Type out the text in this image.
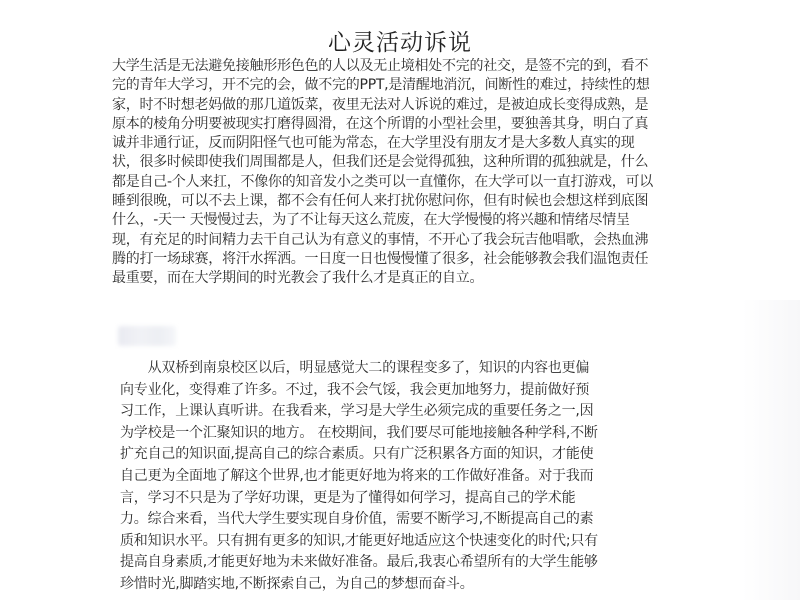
心灵活动诉说
大学生活是无法避免接触形形色色的人以及无止境相处不完的社交，是签不完的到，看不
完的青年大学习，开不完的会，做不完的PPT,是清醒地消沉，间断性的难过，持续性的想
家，时不时想老妈做的那几道饭菜，夜里无法对人诉说的难过，是被迫成长变得成熟，是
原本的棱角分明要被现实打磨得圆滑，在这个所谓的小型社会里，要独善其身，明白了真
诚并非通行证，反而阴阳怪气也可能为常态，在大学里没有朋友才是大多数人真实的现
状，很多时候即使我们周围都是人，但我们还是会觉得孤独，这种所谓的孤独就是，什么
都是自己-个人来扛，不像你的知音发小之类可以一直懂你，在大学可以一直打游戏，可以
睡到很晚，可以不去上课，都不会有任何人来打扰你慰问你，但有时候也会想这样到底图
什么，-天一 天慢慢过去，为了不让每天这么荒废，在大学慢慢的将兴趣和情绪尽情呈
现，有充足的时间精力去干自己认为有意义的事情，不开心了我会玩吉他唱歌，会热血沸
腾的打一场球赛，将汗水挥洒。一日度一日也慢慢懂了很多，社会能够教会我们温饱责任
最重要，而在大学期间的时光教会了我什么才是真正的自立。
　　从双桥到南泉校区以后，明显感觉大二的课程变多了，知识的内容也更偏
向专业化，变得难了许多。不过，我不会气馁，我会更加地努力，提前做好预
习工作，上课认真听讲。在我看来，学习是大学生必须完成的重要任务之一,因
为学校是一个汇聚知识的地方。 在校期间，我们要尽可能地接触各种学科,不断
扩充自己的知识面,提高自己的综合素质。只有广泛积累各方面的知识，才能使
自己更为全面地了解这个世界,也才能更好地为将来的工作做好准备。对于我而
言，学习不只是为了学好功课，更是为了懂得如何学习，提高自己的学术能
力。综合来看，当代大学生要实现自身价值，需要不断学习,不断提高自己的素
质和知识水平。只有拥有更多的知识,才能更好地适应这个快速变化的时代;只有
提高自身素质,才能更好地为未来做好准备。最后,我衷心希望所有的大学生能够
珍惜时光,脚踏实地,不断探索自己，为自己的梦想而奋斗。
